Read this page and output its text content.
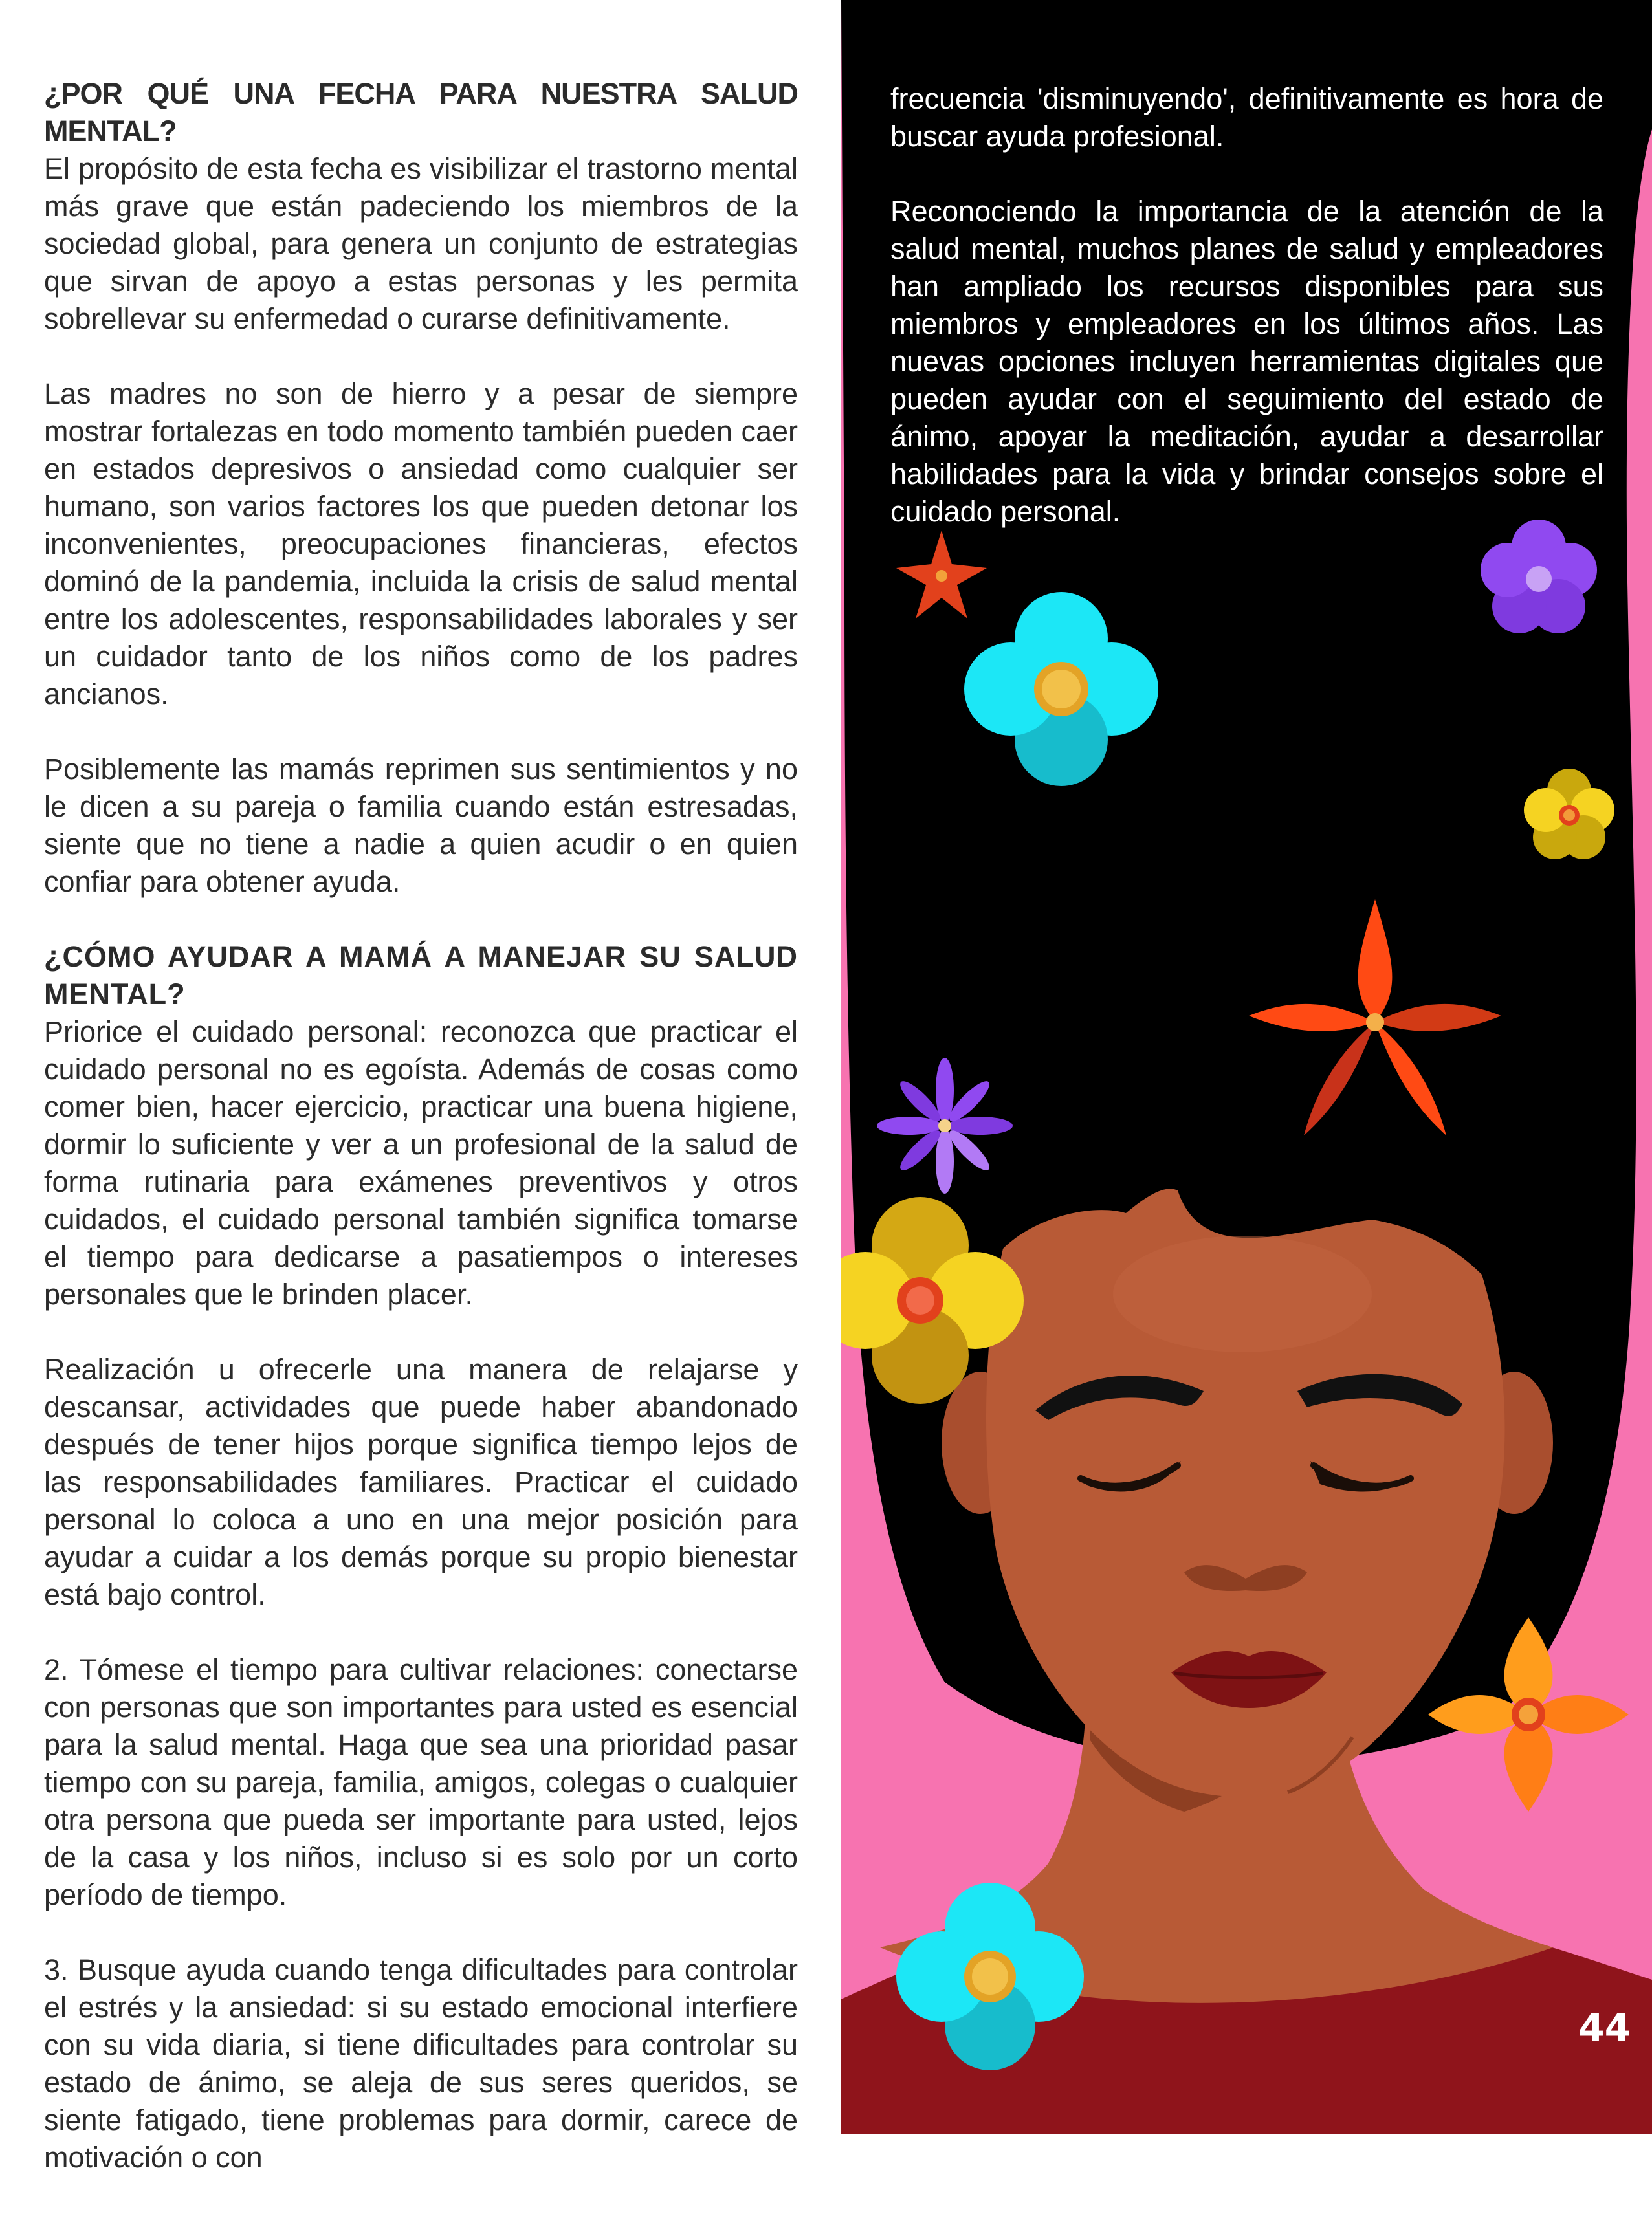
¿POR QUÉ UNA FECHA PARA NUESTRA SALUD MENTAL?

El propósito de esta fecha es visibilizar el trastorno mental más grave que están padeciendo los miembros de la sociedad global, para genera un conjunto de estrategias que sirvan de apoyo a estas personas y les permita sobrellevar su enfermedad o curarse definitivamente.

Las madres no son de hierro y a pesar de siempre mostrar fortalezas en todo momento también pueden caer en estados depresivos o ansiedad como cualquier ser humano, son varios factores los que pueden detonar los inconvenientes, preocupaciones financieras, efectos dominó de la pandemia, incluida la crisis de salud mental entre los adolescentes, responsabilidades laborales y ser un cuidador tanto de los niños como de los padres ancianos.

Posiblemente las mamás reprimen sus sentimientos y no le dicen a su pareja o familia cuando están estresadas, siente que no tiene a nadie a quien acudir o en quien confiar para obtener ayuda.

¿CÓMO AYUDAR A MAMÁ A MANEJAR SU SALUD MENTAL?

Priorice el cuidado personal: reconozca que practicar el cuidado personal no es egoísta. Además de cosas como comer bien, hacer ejercicio, practicar una buena higiene, dormir lo suficiente y ver a un profesional de la salud de forma rutinaria para exámenes preventivos y otros cuidados, el cuidado personal también significa tomarse el tiempo para dedicarse a pasatiempos o intereses personales que le brinden placer.

Realización u ofrecerle una manera de relajarse y descansar, actividades que puede haber abandonado después de tener hijos porque significa tiempo lejos de las responsabilidades familiares. Practicar el cuidado personal lo coloca a uno en una mejor posición para ayudar a cuidar a los demás porque su propio bienestar está bajo control.

2. Tómese el tiempo para cultivar relaciones: conectarse con personas que son importantes para usted es esencial para la salud mental. Haga que sea una prioridad pasar tiempo con su pareja, familia, amigos, colegas o cualquier otra persona que pueda ser importante para usted, lejos de la casa y los niños, incluso si es solo por un corto período de tiempo.

3. Busque ayuda cuando tenga dificultades para controlar el estrés y la ansiedad: si su estado emocional interfiere con su vida diaria, si tiene dificultades para controlar su estado de ánimo, se aleja de sus seres queridos, se siente fatigado, tiene problemas para dormir, carece de motivación o con

frecuencia 'disminuyendo', definitivamente es hora de buscar ayuda profesional.

Reconociendo la importancia de la atención de la salud mental, muchos planes de salud y empleadores han ampliado los recursos disponibles para sus miembros y empleadores en los últimos años. Las nuevas opciones incluyen herramientas digitales que pueden ayudar con el seguimiento del estado de ánimo, apoyar la meditación, ayudar a desarrollar habilidades para la vida y brindar consejos sobre el cuidado personal.

44
